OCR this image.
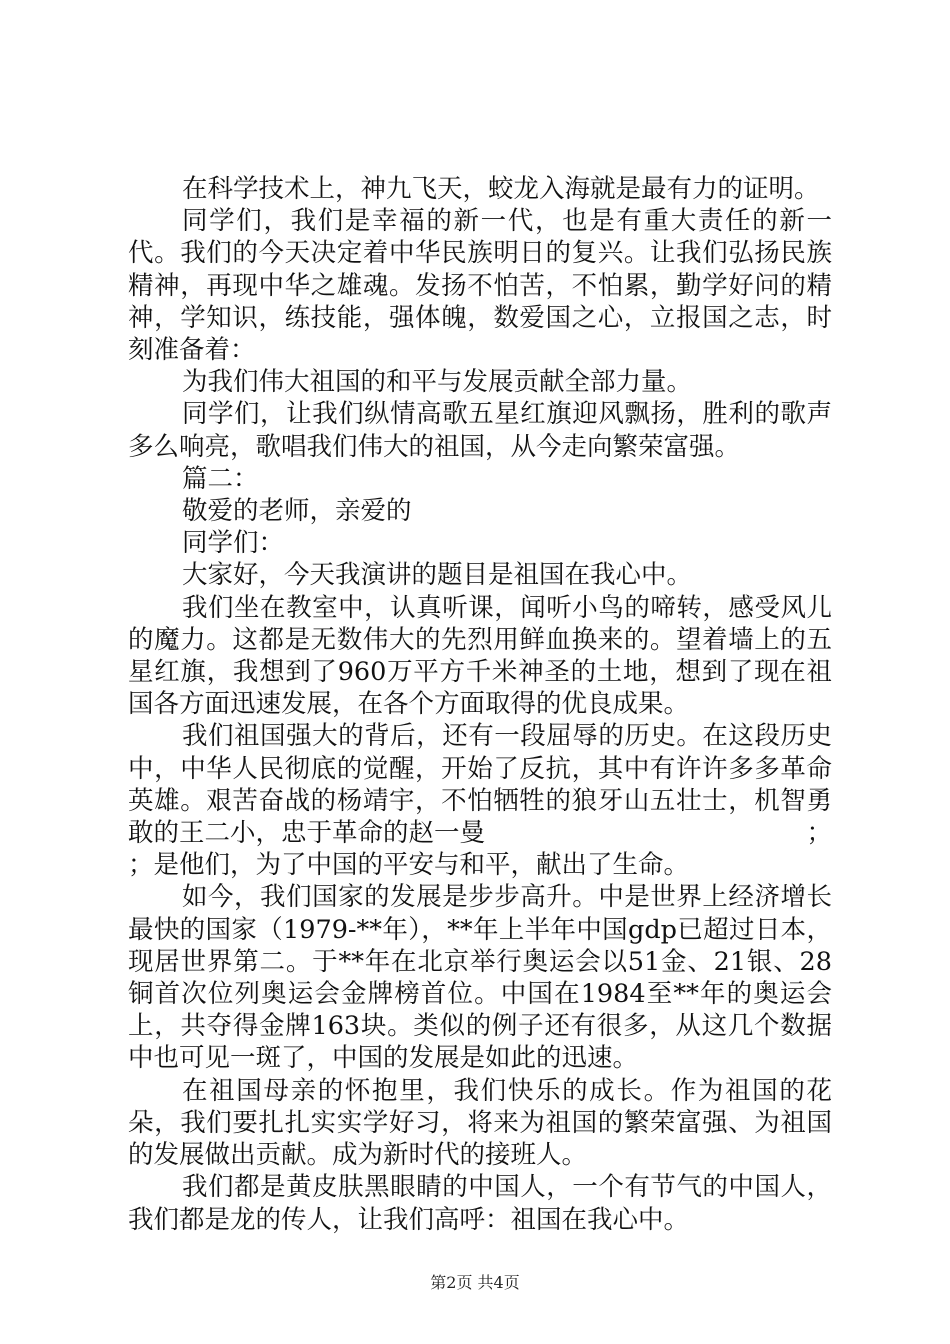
在科学技术上，神九飞天，蛟龙入海就是最有力的证明。

同学们，我们是幸福的新一代，也是有重大责任的新一代。我们的今天决定着中华民族明日的复兴。让我们弘扬民族精神，再现中华之雄魂。发扬不怕苦，不怕累，勤学好问的精神，学知识，练技能，强体魄，数爱国之心，立报国之志，时刻准备着：

为我们伟大祖国的和平与发展贡献全部力量。

同学们，让我们纵情高歌五星红旗迎风飘扬，胜利的歌声多么响亮，歌唱我们伟大的祖国，从今走向繁荣富强。

篇二：

敬爱的老师，亲爱的

同学们：

大家好，今天我演讲的题目是祖国在我心中。

我们坐在教室中，认真听课，闻听小鸟的啼转，感受风儿的魔力。这都是无数伟大的先烈用鲜血换来的。望着墙上的五星红旗，我想到了960万平方千米神圣的土地，想到了现在祖国各方面迅速发展，在各个方面取得的优良成果。

我们祖国强大的背后，还有一段屈辱的历史。在这段历史中，中华人民彻底的觉醒，开始了反抗，其中有许许多多革命英雄。艰苦奋战的杨靖宇，不怕牺牲的狼牙山五壮士，机智勇敢的王二小，忠于革命的赵一曼	；

；是他们，为了中国的平安与和平，献出了生命。

如今，我们国家的发展是步步高升。中是世界上经济增长最快的国家（1979-**年），**年上半年中国gdp已超过日本，现居世界第二。于**年在北京举行奥运会以51金、21银、28铜首次位列奥运会金牌榜首位。中国在1984至**年的奥运会上，共夺得金牌163块。类似的例子还有很多，从这几个数据中也可见一斑了，中国的发展是如此的迅速。

在祖国母亲的怀抱里，我们快乐的成长。作为祖国的花朵，我们要扎扎实实学好习，将来为祖国的繁荣富强、为祖国的发展做出贡献。成为新时代的接班人。

我们都是黄皮肤黑眼睛的中国人，一个有节气的中国人，我们都是龙的传人，让我们高呼：祖国在我心中。

第2页 共4页
